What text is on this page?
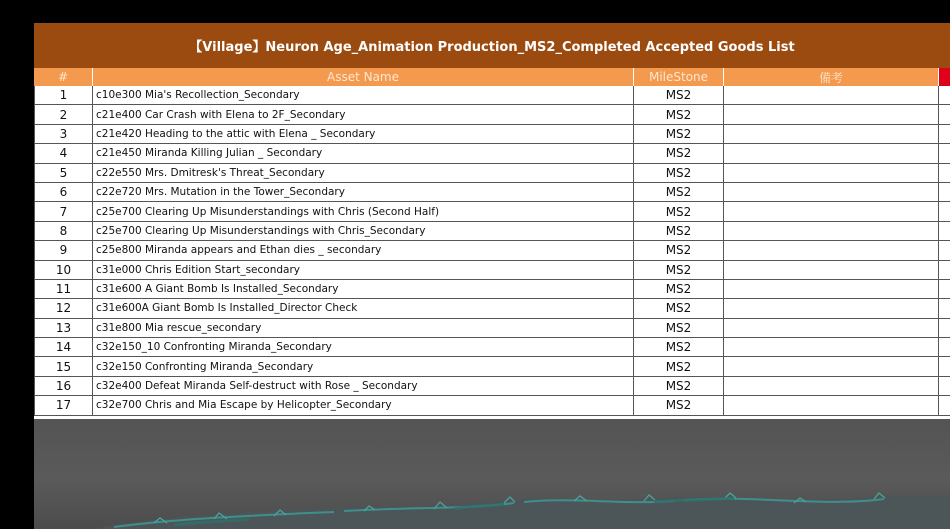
【Village】Neuron Age_Animation Production_MS2_Completed Accepted Goods List
#	Asset Name	MileStone	備考
1	c10e300 Mia's Recollection_Secondary	MS2
2	c21e400 Car Crash with Elena to 2F_Secondary	MS2
3	c21e420 Heading to the attic with Elena _ Secondary	MS2
4	c21e450 Miranda Killing Julian _ Secondary	MS2
5	c22e550 Mrs. Dmitresk's Threat_Secondary	MS2
6	c22e720 Mrs. Mutation in the Tower_Secondary	MS2
7	c25e700 Clearing Up Misunderstandings with Chris (Second Half)	MS2
8	c25e700 Clearing Up Misunderstandings with Chris_Secondary	MS2
9	c25e800 Miranda appears and Ethan dies _ secondary	MS2
10	c31e000 Chris Edition Start_secondary	MS2
11	c31e600 A Giant Bomb Is Installed_Secondary	MS2
12	c31e600A Giant Bomb Is Installed_Director Check	MS2
13	c31e800 Mia rescue_secondary	MS2
14	c32e150_10 Confronting Miranda_Secondary	MS2
15	c32e150 Confronting Miranda_Secondary	MS2
16	c32e400 Defeat Miranda Self-destruct with Rose _ Secondary	MS2
17	c32e700 Chris and Mia Escape by Helicopter_Secondary	MS2
